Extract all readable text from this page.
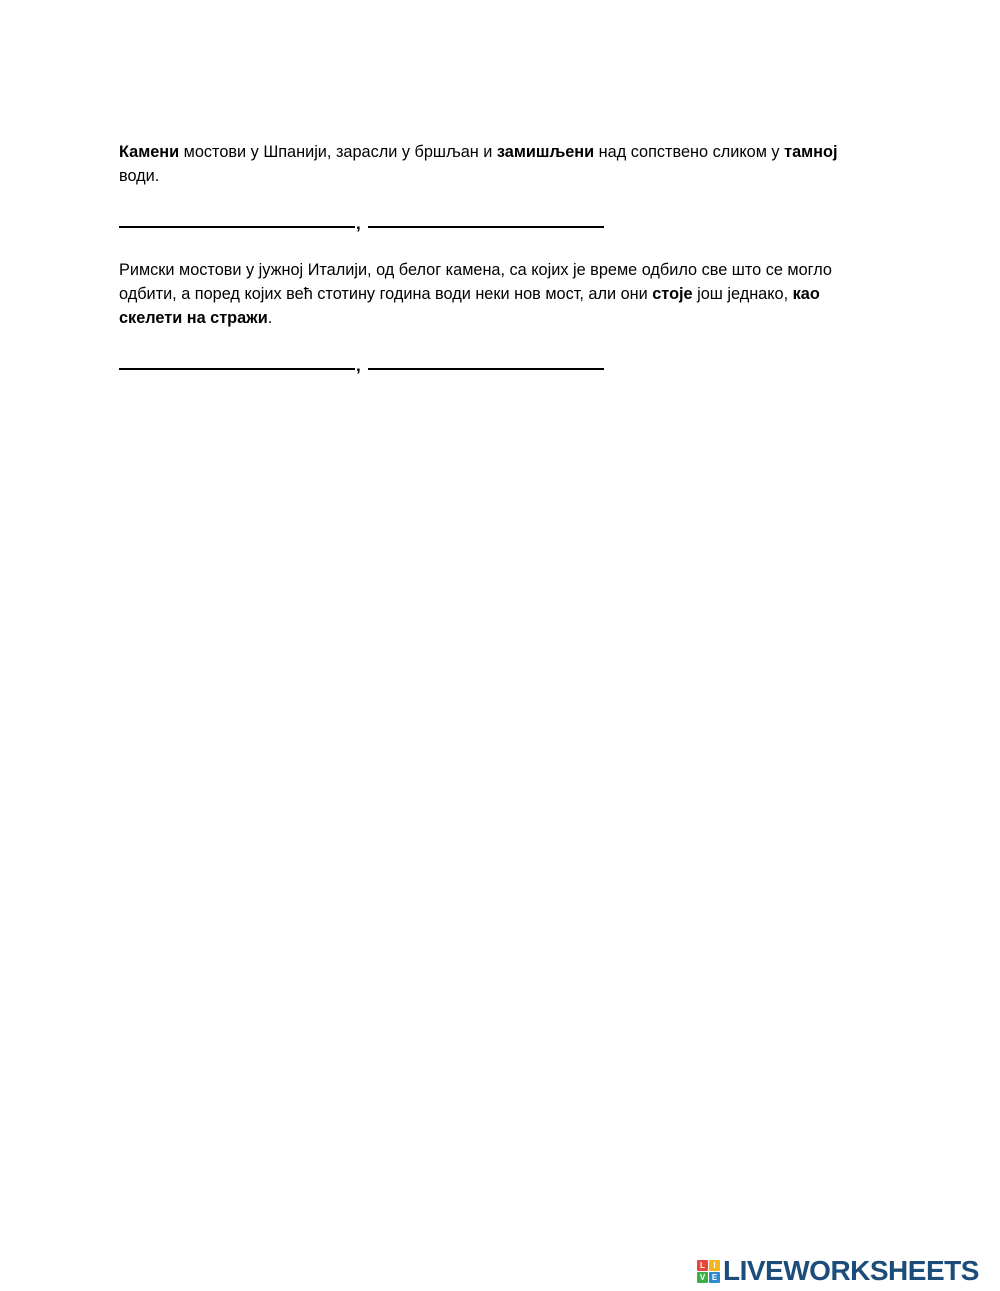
Камени мостови у Шпанији, зарасли у бршљан и замишљени над сопствено сликом у тамној води.

,

Римски мостови у јужној Италији, од белог камена, са којих је време одбило све што се могло одбити, а поред којих већ стотину година води неки нов мост, али они стоје још једнако, као скелети на стражи.

,
L	I
V E LIVEWORKSHEETS
